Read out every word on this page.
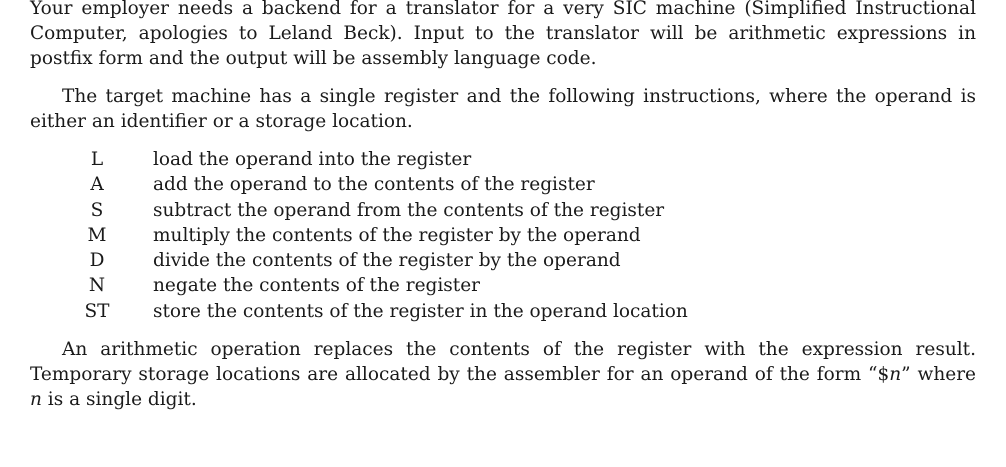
Your employer needs a backend for a translator for a very SIC machine (Simplified Instructional Computer, apologies to Leland Beck). Input to the translator will be arithmetic expressions in postfix form and the output will be assembly language code.

The target machine has a single register and the following instructions, where the operand is either an identifier or a storage location.

L	load the operand into the register
A	add the operand to the contents of the register
S	subtract the operand from the contents of the register
M	multiply the contents of the register by the operand
D	divide the contents of the register by the operand
N	negate the contents of the register
ST	store the contents of the register in the operand location

An arithmetic operation replaces the contents of the register with the expression result. Temporary storage locations are allocated by the assembler for an operand of the form “$n” where n is a single digit.
